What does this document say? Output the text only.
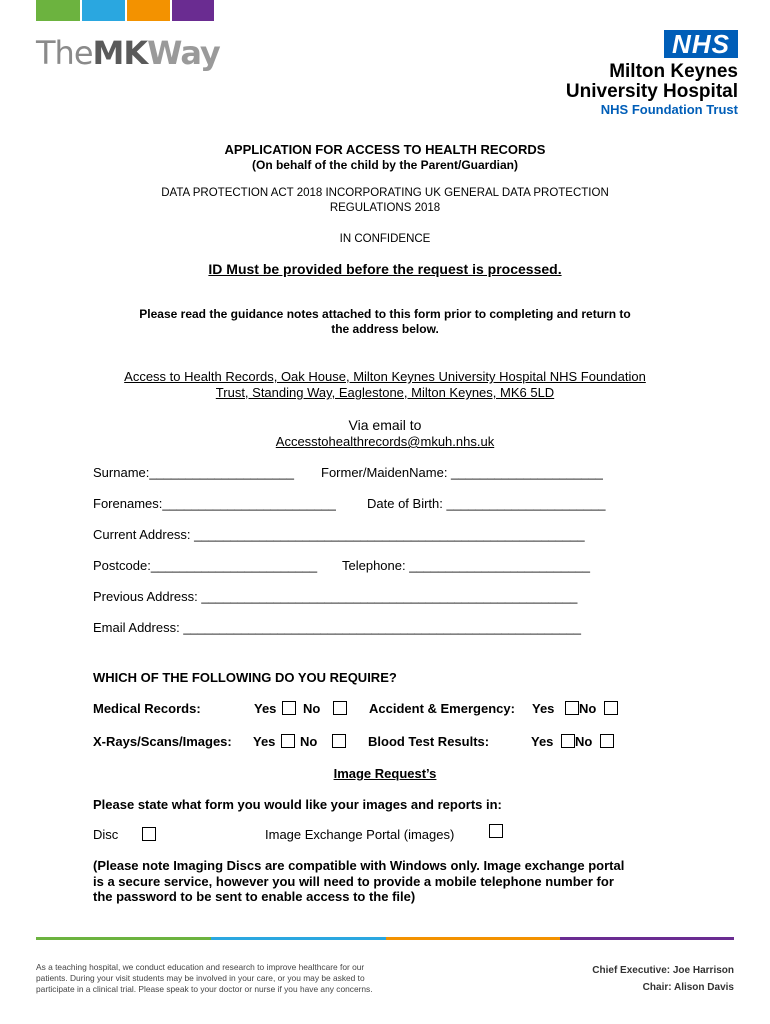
TheMKWay	NHS
Milton Keynes
University Hospital
NHS Foundation Trust
APPLICATION FOR ACCESS TO HEALTH RECORDS
(On behalf of the child by the Parent/Guardian)
DATA PROTECTION ACT 2018 INCORPORATING UK GENERAL DATA PROTECTION
REGULATIONS 2018
IN CONFIDENCE
ID Must be provided before the request is processed.
Please read the guidance notes attached to this form prior to completing and return to
the address below.
Access to Health Records, Oak House, Milton Keynes University Hospital NHS Foundation
Trust, Standing Way, Eaglestone, Milton Keynes, MK6 5LD
Via email to
Accesstohealthrecords@mkuh.nhs.uk
Surname:____________________ Former/MaidenName: _____________________
Forenames:________________________ Date of Birth: ______________________
Current Address: ______________________________________________________
Postcode:_______________________ Telephone: _________________________
Previous Address: ____________________________________________________
Email Address: _______________________________________________________
WHICH OF THE FOLLOWING DO YOU REQUIRE?
Medical Records:	Yes No	Accident & Emergency: Yes No
X-Rays/Scans/Images: Yes No	Blood Test Results:	Yes No
Image Request’s
Please state what form you would like your images and reports in:
Disc	Image Exchange Portal (images)
(Please note Imaging Discs are compatible with Windows only. Image exchange portal
is a secure service, however you will need to provide a mobile telephone number for
the password to be sent to enable access to the file)
As a teaching hospital, we conduct education and research to improve healthcare for our
patients. During your visit students may be involved in your care, or you may be asked to
participate in a clinical trial. Please speak to your doctor or nurse if you have any concerns.
Chief Executive: Joe Harrison
Chair: Alison Davis
